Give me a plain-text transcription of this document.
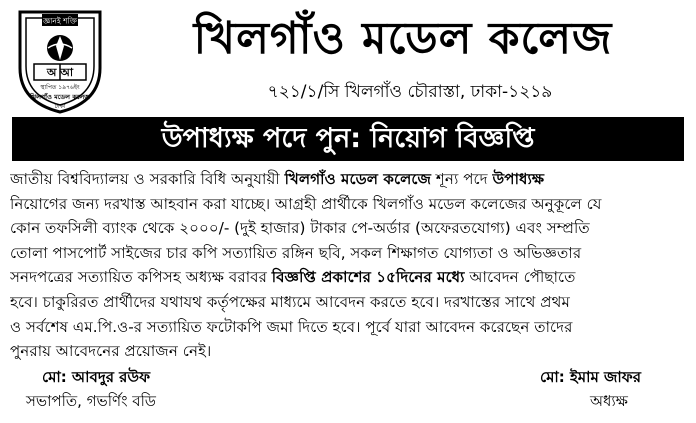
জ্ঞানই শক্তি
অ আ
স্থাপিত ১৯৭৬ইং
খিলগাঁও মডেল কলেজ
ঢাকা
খিলগাঁও মডেল কলেজ
৭২১/১/সি খিলগাঁও চৌরাস্তা, ঢাকা-১২১৯
উপাধ্যক্ষ পদে পুন: নিয়োগ বিজ্ঞপ্তি
জাতীয় বিশ্ববিদ্যালয় ও সরকারি বিধি অনুযায়ী খিলগাঁও মডেল কলেজে শূন্য পদে উপাধ্যক্ষ
নিয়োগের জন্য দরখাস্ত আহবান করা যাচ্ছে। আগ্রহী প্রার্থীকে খিলগাঁও মডেল কলেজের অনুকূলে যে
কোন তফসিলী ব্যাংক থেকে ২০০০/- (দুই হাজার) টাকার পে-অর্ডার (অফেরতযোগ্য) এবং সম্প্রতি
তোলা পাসপোর্ট সাইজের চার কপি সত্যায়িত রঙ্গিন ছবি, সকল শিক্ষাগত যোগ্যতা ও অভিজ্ঞতার
সনদপত্রের সত্যায়িত কপিসহ অধ্যক্ষ বরাবর বিজ্ঞপ্তি প্রকাশের ১৫দিনের মধ্যে আবেদন পৌছাতে
হবে। চাকুরিরত প্রার্থীদের যথাযথ কর্তৃপক্ষের মাধ্যমে আবেদন করতে হবে। দরখাস্তের সাথে প্রথম
ও সর্বশেষ এম.পি.ও-র সত্যায়িত ফটোকপি জমা দিতে হবে। পূর্বে যারা আবেদন করেছেন তাদের
পুনরায় আবেদনের প্রয়োজন নেই।
মো: আবদুর রউফ
সভাপতি, গভর্ণিং বডি
মো: ইমাম জাফর
অধ্যক্ষ
